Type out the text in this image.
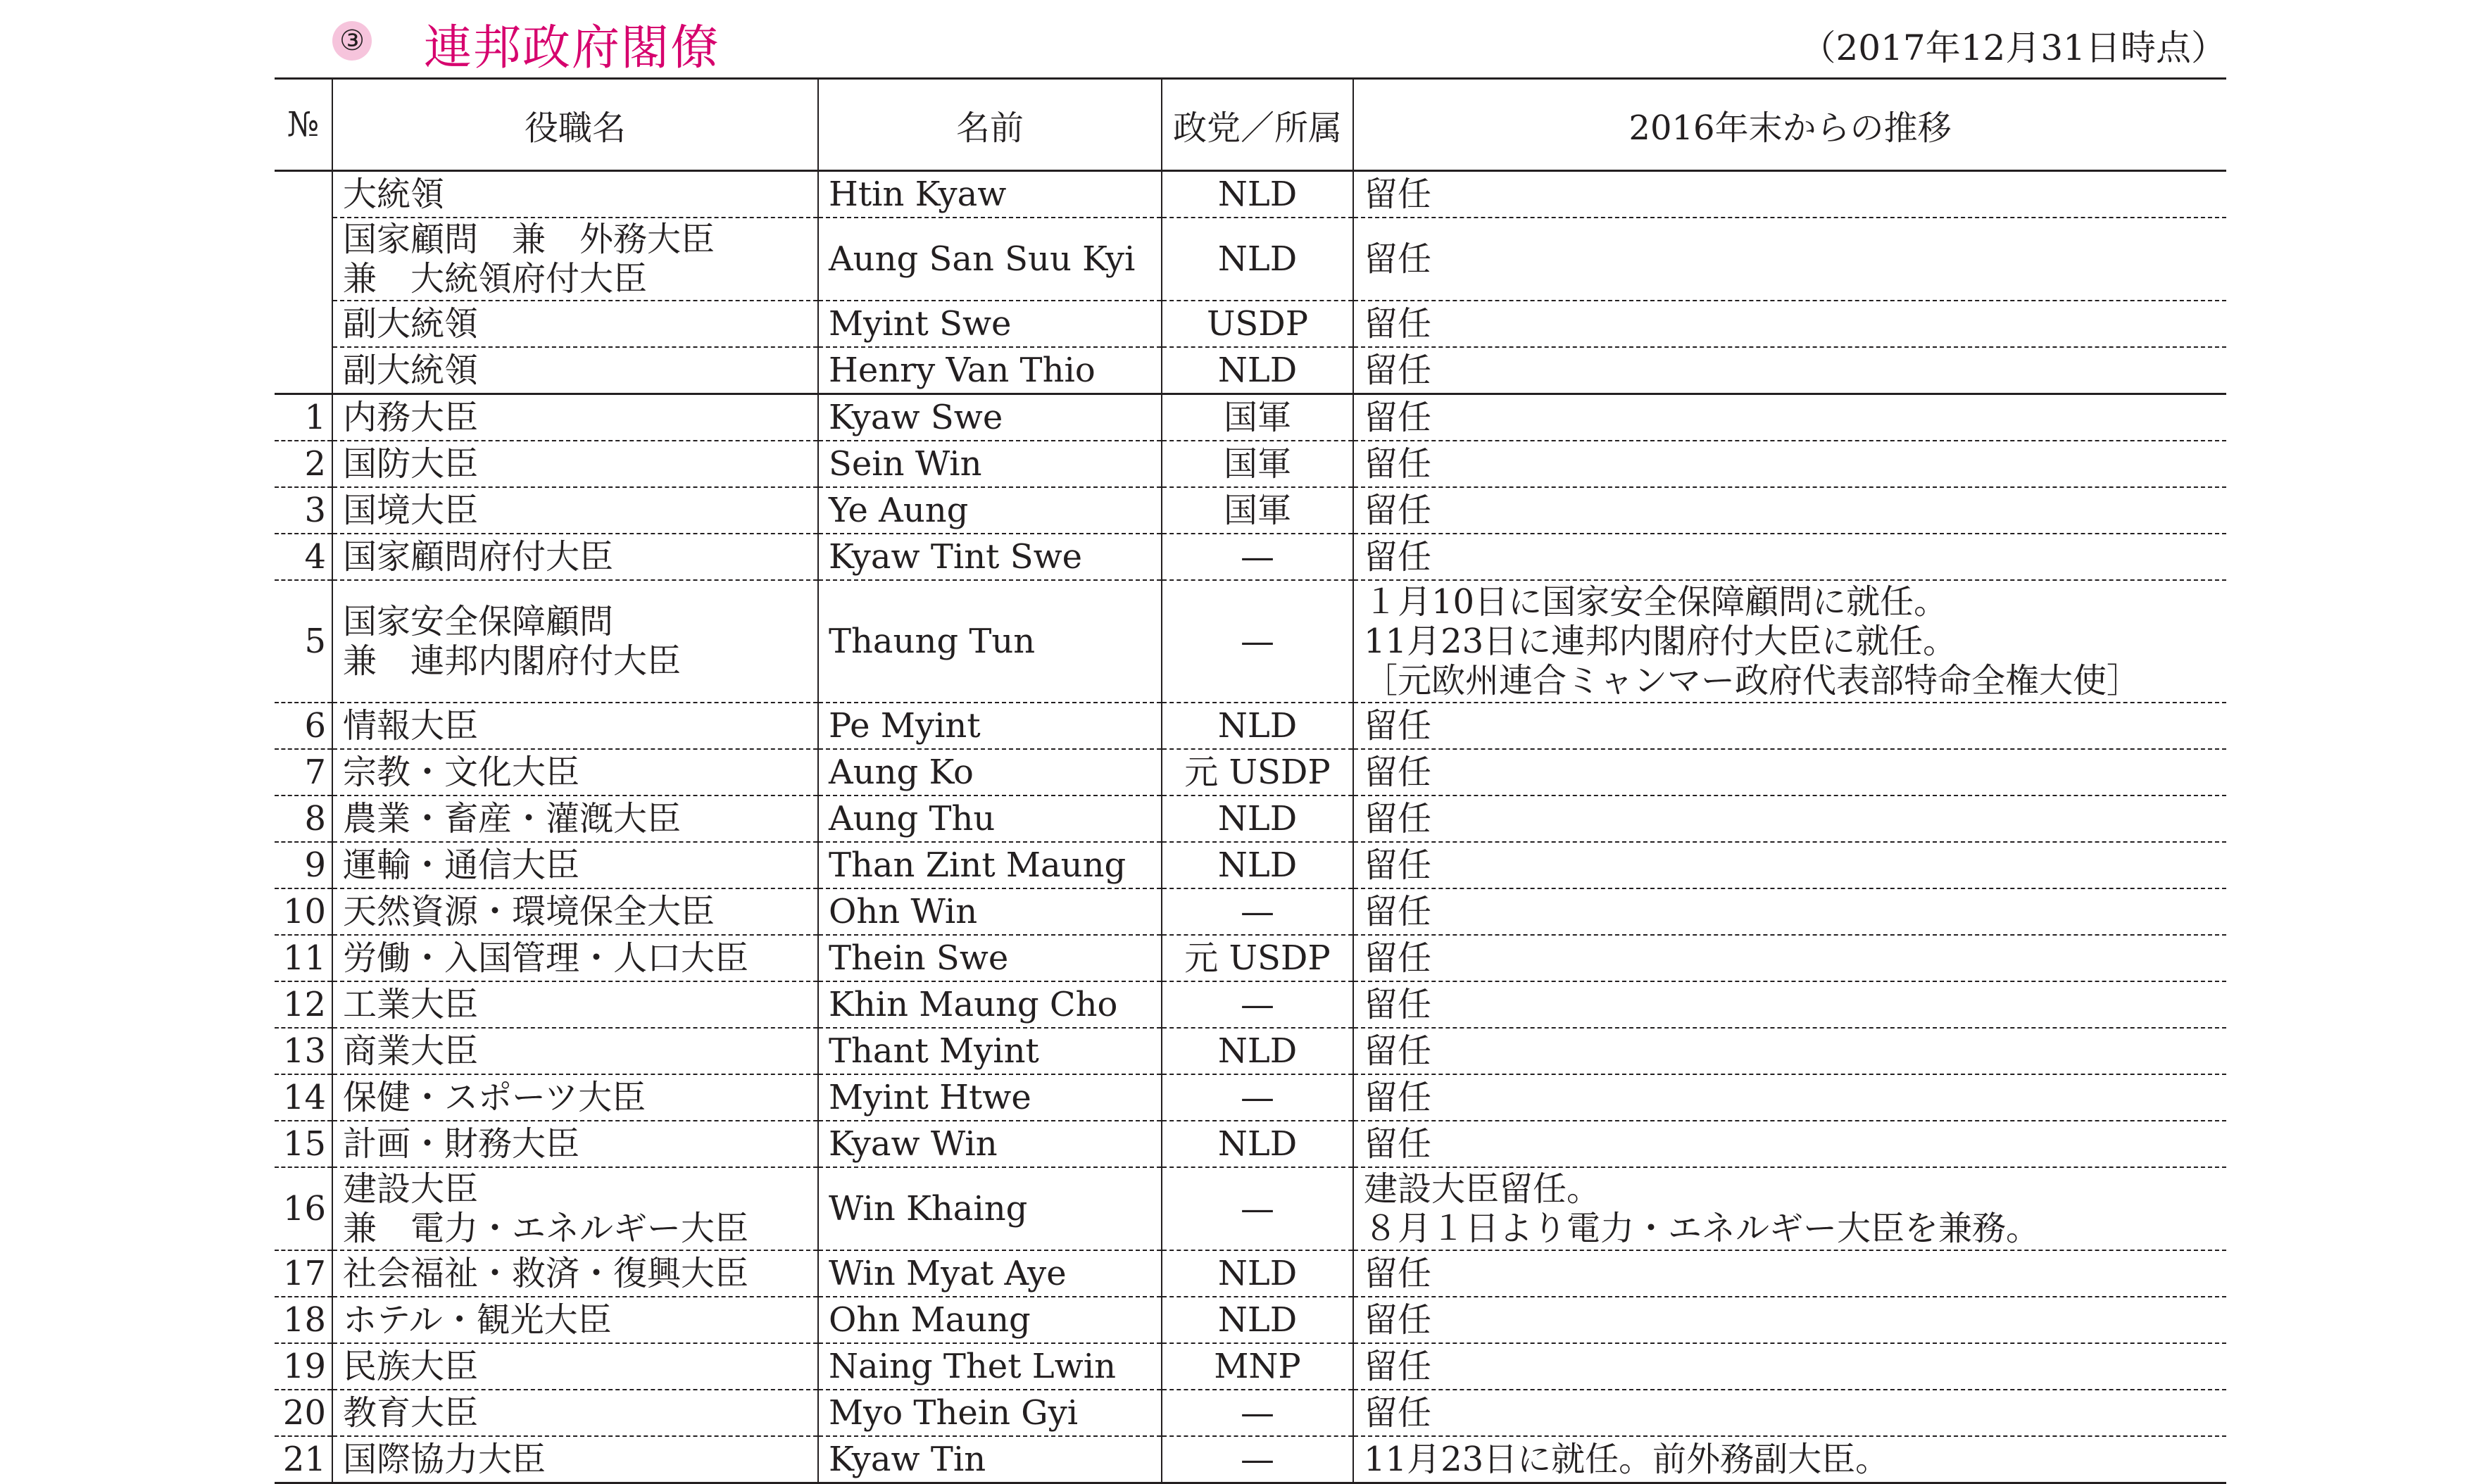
③ 連邦政府閣僚	（2017年12月31日時点）
№	役職名	名前	政党／所属	2016年末からの推移

	大統領	Htin Kyaw	NLD	留任

	国家顧問　兼　外務大臣
兼　大統領府付大臣	Aung San Suu Kyi	NLD	留任

	副大統領	Myint Swe	USDP	留任

	副大統領	Henry Van Thio	NLD	留任

1	内務大臣	Kyaw Swe	国軍	留任

2	国防大臣	Sein Win	国軍	留任

3	国境大臣	Ye Aung	国軍	留任

4	国家顧問府付大臣	Kyaw Tint Swe	—	留任

5	国家安全保障顧問
兼　連邦内閣府付大臣	Thaung Tun	—	１月10日に国家安全保障顧問に就任。
11月23日に連邦内閣府付大臣に就任。
［元欧州連合ミャンマー政府代表部特命全権大使］

6	情報大臣	Pe Myint	NLD	留任

7	宗教・文化大臣	Aung Ko	元 USDP	留任

8	農業・畜産・灌漑大臣	Aung Thu	NLD	留任

9	運輸・通信大臣	Than Zint Maung	NLD	留任

10	天然資源・環境保全大臣	Ohn Win	—	留任

11	労働・入国管理・人口大臣	Thein Swe	元 USDP	留任

12	工業大臣	Khin Maung Cho	—	留任

13	商業大臣	Thant Myint	NLD	留任

14	保健・スポーツ大臣	Myint Htwe	—	留任

15	計画・財務大臣	Kyaw Win	NLD	留任

16	建設大臣
兼　電力・エネルギー大臣	Win Khaing	—	建設大臣留任。
８月１日より電力・エネルギー大臣を兼務。

17	社会福祉・救済・復興大臣	Win Myat Aye	NLD	留任

18	ホテル・観光大臣	Ohn Maung	NLD	留任

19	民族大臣	Naing Thet Lwin	MNP	留任

20	教育大臣	Myo Thein Gyi	—	留任

21	国際協力大臣	Kyaw Tin	—	11月23日に就任。前外務副大臣。
